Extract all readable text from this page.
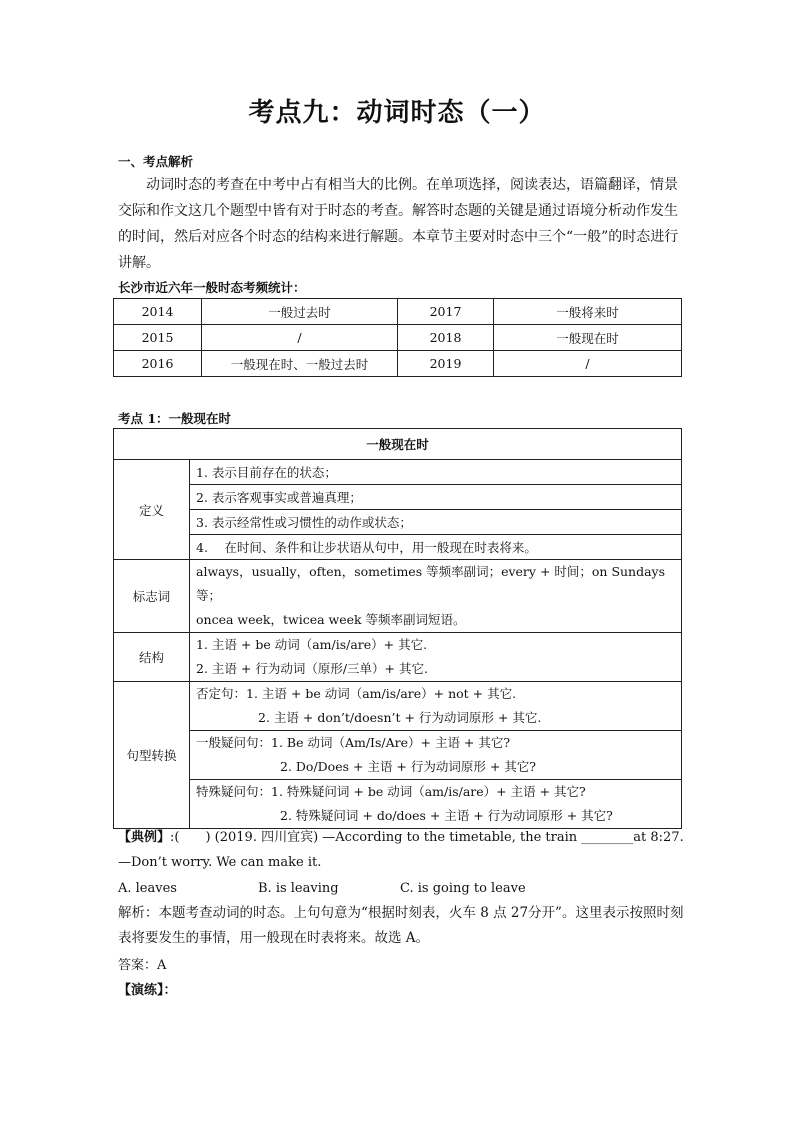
考点九：动词时态（一）
一、考点解析
动词时态的考查在中考中占有相当大的比例。在单项选择，阅读表达，语篇翻译，情景交际和作文这几个题型中皆有对于时态的考查。解答时态题的关键是通过语境分析动作发生的时间，然后对应各个时态的结构来进行解题。本章节主要对时态中三个“一般”的时态进行讲解。
长沙市近六年一般时态考频统计：
2014	一般过去时	2017	一般将来时
2015	/	2018	一般现在时
2016	一般现在时、一般过去时	2019	/
考点 1：一般现在时
一般现在时	
定义	1. 表示目前存在的状态；
	2. 表示客观事实或普遍真理；
	3. 表示经常性或习惯性的动作或状态；
	4.　 在时间、条件和让步状语从句中，用一般现在时表将来。
标志词	always，usually，often，sometimes 等频率副词；every + 时间；on Sundays 等；
oncea week，twicea week 等频率副词短语。

结构	1. 主语 + be 动词（am/is/are）+ 其它.
2. 主语 + 行为动词（原形/三单）+ 其它.

句型转换	否定句：1. 主语 + be 动词（am/is/are）+ not + 其它.
2. 主语 + don’t/doesn’t + 行为动词原形 + 其它.

	一般疑问句：1. Be 动词（Am/Is/Are）+ 主语 + 其它?
2. Do/Does + 主语 + 行为动词原形 + 其它?

	特殊疑问句：1. 特殊疑问词 + be 动词（am/is/are）+ 主语 + 其它?
2. 特殊疑问词 + do/does + 主语 + 行为动词原形 + 其它?
【典例】:(　　) (2019. 四川宜宾) —According to the timetable, the train ________at 8:27.
—Don’t worry. We can make it.
A. leaves	B. is leaving	C. is going to leave
解析：本题考查动词的时态。上句句意为“根据时刻表，火车 8 点 27分开”。这里表示按照时刻表将要发生的事情，用一般现在时表将来。故选 A。
答案：A
【演练】：
